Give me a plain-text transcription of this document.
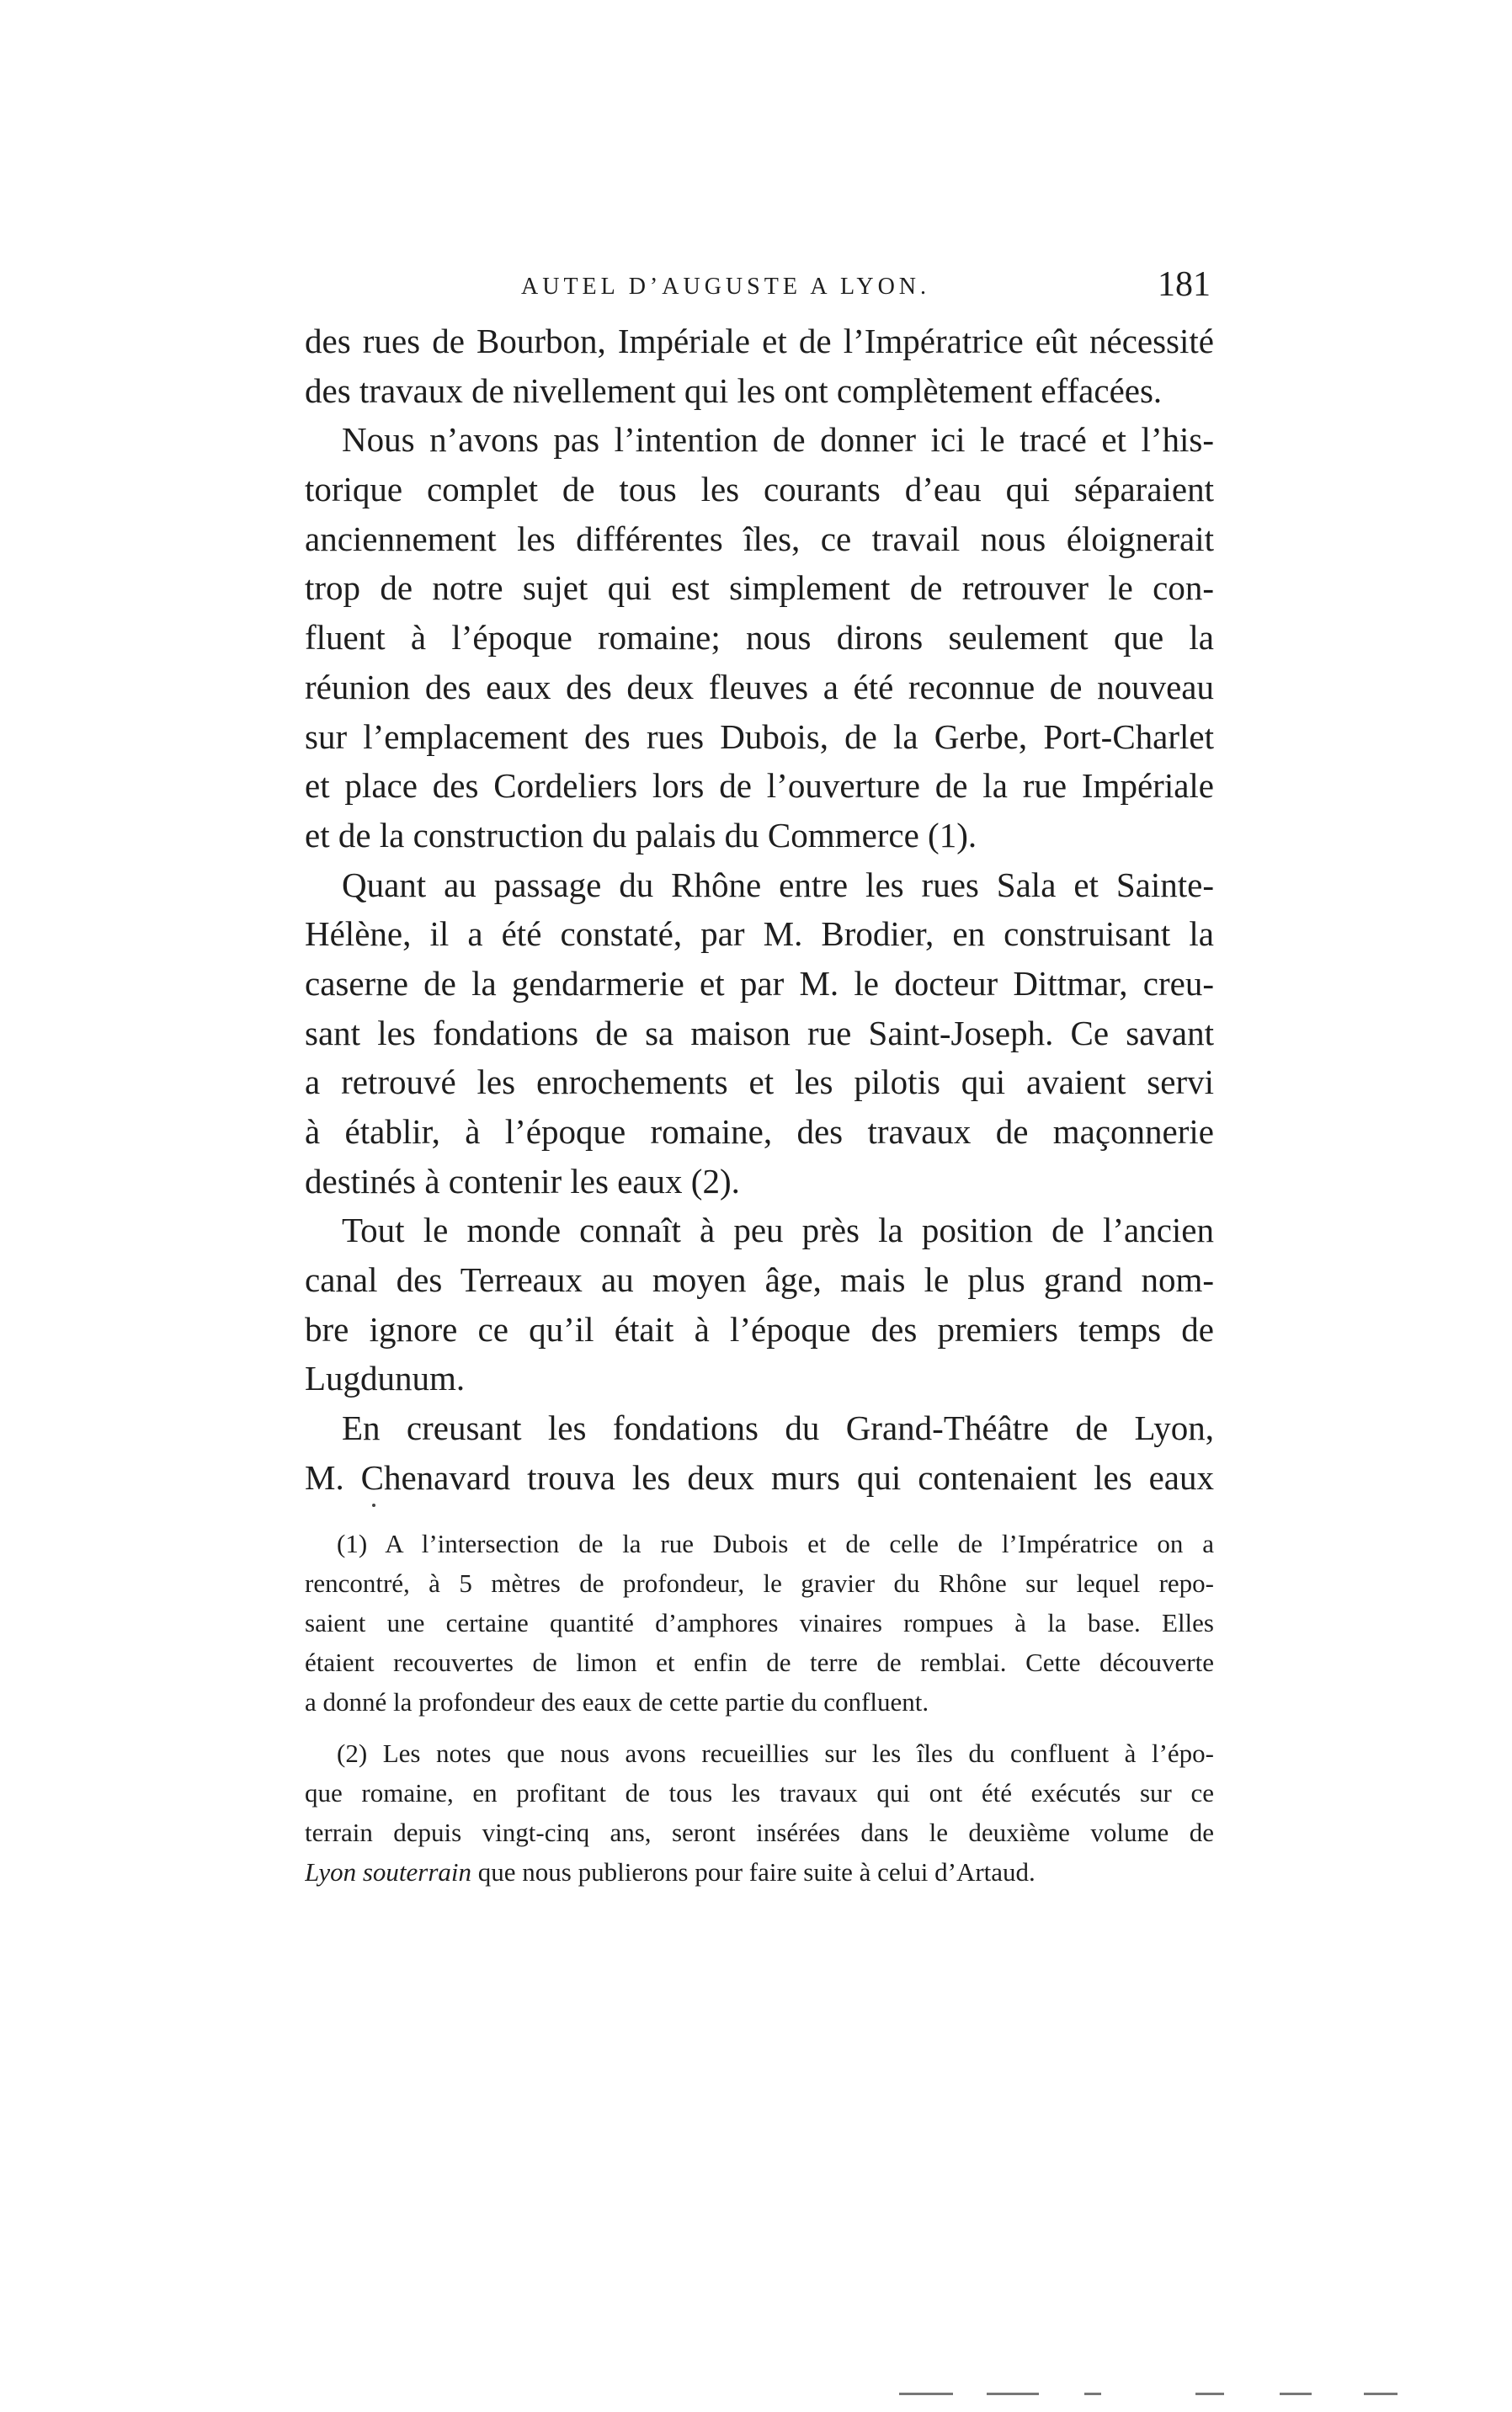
AUTEL D’AUGUSTE A LYON.	181
des rues de Bourbon, Impériale et de l’Impératrice eût nécessité
des travaux de nivellement qui les ont complètement effacées.
Nous n’avons pas l’intention de donner ici le tracé et l’his-
torique complet de tous les courants d’eau qui séparaient
anciennement les différentes îles, ce travail nous éloignerait
trop de notre sujet qui est simplement de retrouver le con-
fluent à l’époque romaine; nous dirons seulement que la
réunion des eaux des deux fleuves a été reconnue de nouveau
sur l’emplacement des rues Dubois, de la Gerbe, Port-Charlet
et place des Cordeliers lors de l’ouverture de la rue Impériale
et de la construction du palais du Commerce (1).
Quant au passage du Rhône entre les rues Sala et Sainte-
Hélène, il a été constaté, par M. Brodier, en construisant la
caserne de la gendarmerie et par M. le docteur Dittmar, creu-
sant les fondations de sa maison rue Saint-Joseph. Ce savant
a retrouvé les enrochements et les pilotis qui avaient servi
à établir, à l’époque romaine, des travaux de maçonnerie
destinés à contenir les eaux (2).
Tout le monde connaît à peu près la position de l’ancien
canal des Terreaux au moyen âge, mais le plus grand nom-
bre ignore ce qu’il était à l’époque des premiers temps de
Lugdunum.
En creusant les fondations du Grand-Théâtre de Lyon,
M. Chenavard trouva les deux murs qui contenaient les eaux
(1) A l’intersection de la rue Dubois et de celle de l’Impératrice on a
rencontré, à 5 mètres de profondeur, le gravier du Rhône sur lequel repo-
saient une certaine quantité d’amphores vinaires rompues à la base. Elles
étaient recouvertes de limon et enfin de terre de remblai. Cette découverte
a donné la profondeur des eaux de cette partie du confluent.
(2) Les notes que nous avons recueillies sur les îles du confluent à l’épo-
que romaine, en profitant de tous les travaux qui ont été exécutés sur ce
terrain depuis vingt-cinq ans, seront insérées dans le deuxième volume de
Lyon souterrain que nous publierons pour faire suite à celui d’Artaud.
